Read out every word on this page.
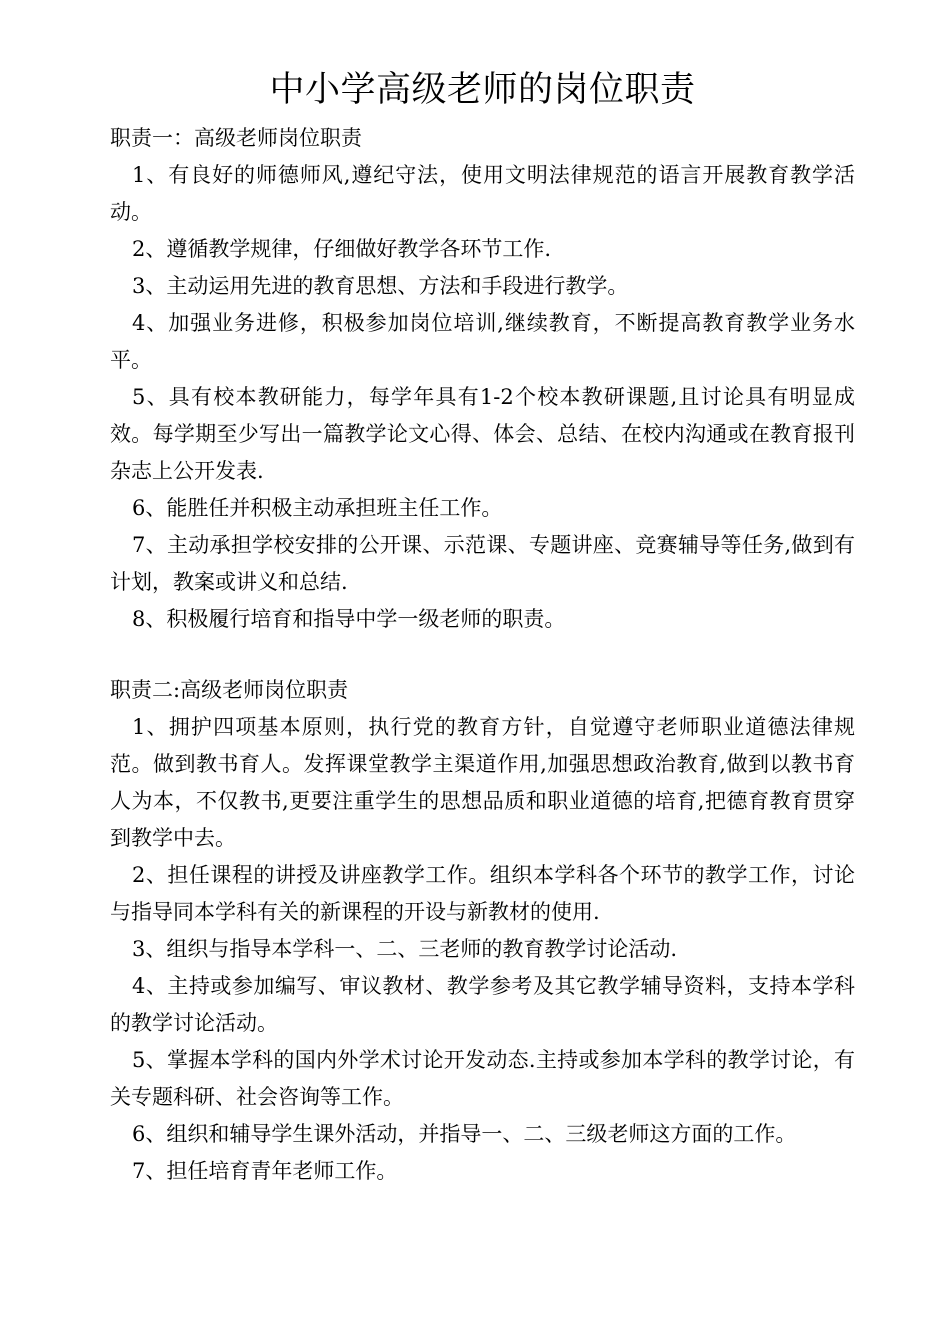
中小学高级老师的岗位职责

职责一：高级老师岗位职责

1、有良好的师德师风,遵纪守法，使用文明法律规范的语言开展教育教学活动。

2、遵循教学规律，仔细做好教学各环节工作.

3、主动运用先进的教育思想、方法和手段进行教学。

4、加强业务进修，积极参加岗位培训,继续教育，不断提高教育教学业务水平。

5、具有校本教研能力，每学年具有1-2个校本教研课题,且讨论具有明显成效。每学期至少写出一篇教学论文心得、体会、总结、在校内沟通或在教育报刊杂志上公开发表.

6、能胜任并积极主动承担班主任工作。

7、主动承担学校安排的公开课、示范课、专题讲座、竞赛辅导等任务,做到有计划，教案或讲义和总结.

8、积极履行培育和指导中学一级老师的职责。

职责二:高级老师岗位职责

1、拥护四项基本原则，执行党的教育方针，自觉遵守老师职业道德法律规范。做到教书育人。发挥课堂教学主渠道作用,加强思想政治教育,做到以教书育人为本，不仅教书,更要注重学生的思想品质和职业道德的培育,把德育教育贯穿到教学中去。

2、担任课程的讲授及讲座教学工作。组织本学科各个环节的教学工作，讨论与指导同本学科有关的新课程的开设与新教材的使用.

3、组织与指导本学科一、二、三老师的教育教学讨论活动.

4、主持或参加编写、审议教材、教学参考及其它教学辅导资料，支持本学科的教学讨论活动。

5、掌握本学科的国内外学术讨论开发动态.主持或参加本学科的教学讨论，有关专题科研、社会咨询等工作。

6、组织和辅导学生课外活动，并指导一、二、三级老师这方面的工作。

7、担任培育青年老师工作。
